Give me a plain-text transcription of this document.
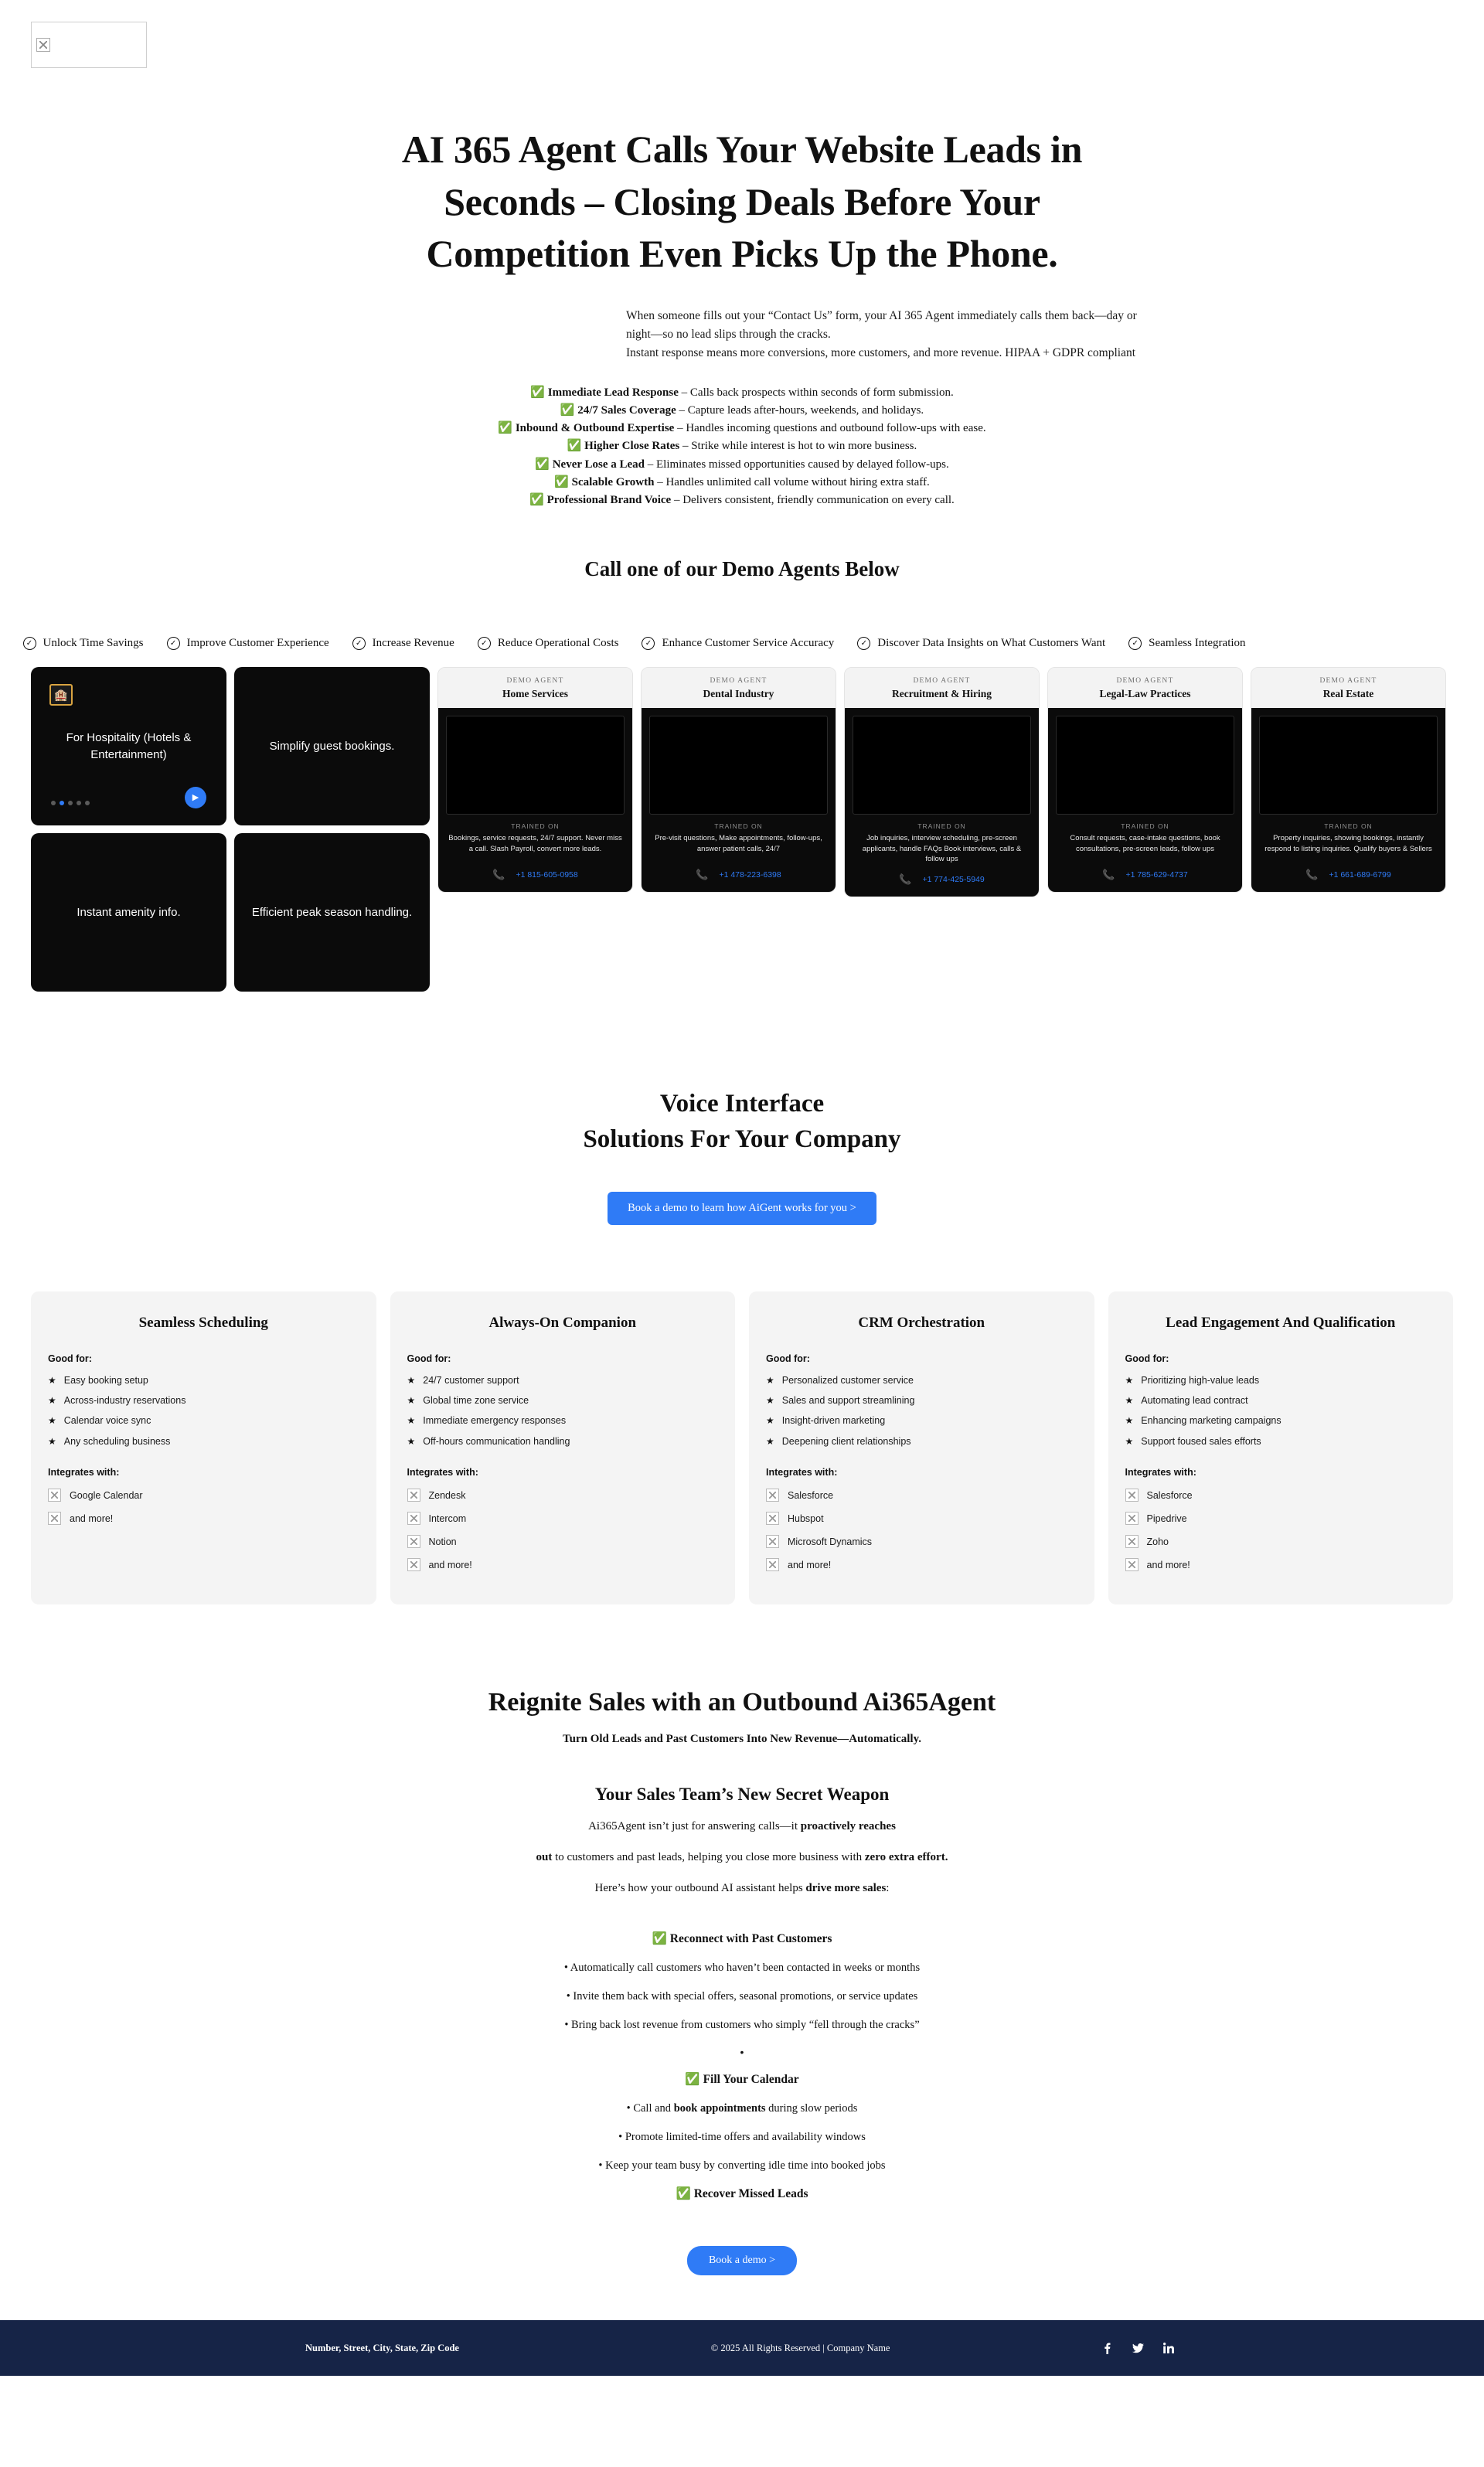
AI 365 Agent Calls Your Website Leads in Seconds – Closing Deals Before Your Competition Even Picks Up the Phone.
When someone fills out your “Contact Us” form, your AI 365 Agent immediately calls them back—day or night—so no lead slips through the cracks.
Instant response means more conversions, more customers, and more revenue. HIPAA + GDPR compliant
✅ Immediate Lead Response – Calls back prospects within seconds of form submission.
✅ 24/7 Sales Coverage – Capture leads after-hours, weekends, and holidays.
✅ Inbound & Outbound Expertise – Handles incoming questions and outbound follow-ups with ease.
✅ Higher Close Rates – Strike while interest is hot to win more business.
✅ Never Lose a Lead – Eliminates missed opportunities caused by delayed follow-ups.
✅ Scalable Growth – Handles unlimited call volume without hiring extra staff.
✅ Professional Brand Voice – Delivers consistent, friendly communication on every call.
Call one of our Demo Agents Below
✓ Unlock Time Savings	✓ Improve Customer Experience	✓ Increase Revenue	✓ Reduce Operational Costs	✓ Enhance Customer Service Accuracy	✓ Discover Data Insights on What Customers Want	✓ Seamless Integration
🏨
For Hospitality (Hotels & Entertainment)
▶
Simplify guest bookings.
Instant amenity info.	Efficient peak season handling.
DEMO AGENT
Home Services
TRAINED ON
Bookings, service requests, 24/7 support. Never miss a call. Slash Payroll, convert more leads.
📞 +1 815-605-0958
DEMO AGENT
Dental Industry
TRAINED ON
Pre-visit questions, Make appointments, follow-ups, answer patient calls, 24/7
📞 +1 478-223-6398
DEMO AGENT
Recruitment & Hiring
TRAINED ON
Job inquiries, interview scheduling, pre-screen applicants, handle FAQs Book interviews, calls & follow ups
📞 +1 774-425-5949
DEMO AGENT
Legal-Law Practices
TRAINED ON
Consult requests, case-intake questions, book consultations, pre-screen leads, follow ups
📞 +1 785-629-4737
DEMO AGENT
Real Estate
TRAINED ON
Property inquiries, showing bookings, instantly respond to listing inquiries. Qualify buyers & Sellers
📞 +1 661-689-6799
Voice Interface
Solutions For Your Company
Book a demo to learn how AiGent works for you >
Seamless Scheduling
Good for:
★ Easy booking setup
★ Across-industry reservations
★ Calendar voice sync
★ Any scheduling business
Integrates with:
Google Calendar
and more!
Always-On Companion
Good for:
★ 24/7 customer support
★ Global time zone service
★ Immediate emergency responses
★ Off-hours communication handling
Integrates with:
Zendesk
Intercom
Notion
and more!
CRM Orchestration
Good for:
★ Personalized customer service
★ Sales and support streamlining
★ Insight-driven marketing
★ Deepening client relationships
Integrates with:
Salesforce
Hubspot
Microsoft Dynamics
and more!
Lead Engagement And Qualification
Good for:
★ Prioritizing high-value leads
★ Automating lead contract
★ Enhancing marketing campaigns
★ Support foused sales efforts
Integrates with:
Salesforce
Pipedrive
Zoho
and more!
Reignite Sales with an Outbound Ai365Agent
Turn Old Leads and Past Customers Into New Revenue—Automatically.
Your Sales Team’s New Secret Weapon
Ai365Agent isn’t just for answering calls—it proactively reaches
out to customers and past leads, helping you close more business with zero extra effort.
Here’s how your outbound AI assistant helps drive more sales:
✅ Reconnect with Past Customers
• Automatically call customers who haven’t been contacted in weeks or months
• Invite them back with special offers, seasonal promotions, or service updates
• Bring back lost revenue from customers who simply “fell through the cracks”
•
✅ Fill Your Calendar
• Call and book appointments during slow periods
• Promote limited-time offers and availability windows
• Keep your team busy by converting idle time into booked jobs
✅ Recover Missed Leads
Book a demo >
Number, Street, City, State, Zip Code	© 2025 All Rights Reserved | Company Name
